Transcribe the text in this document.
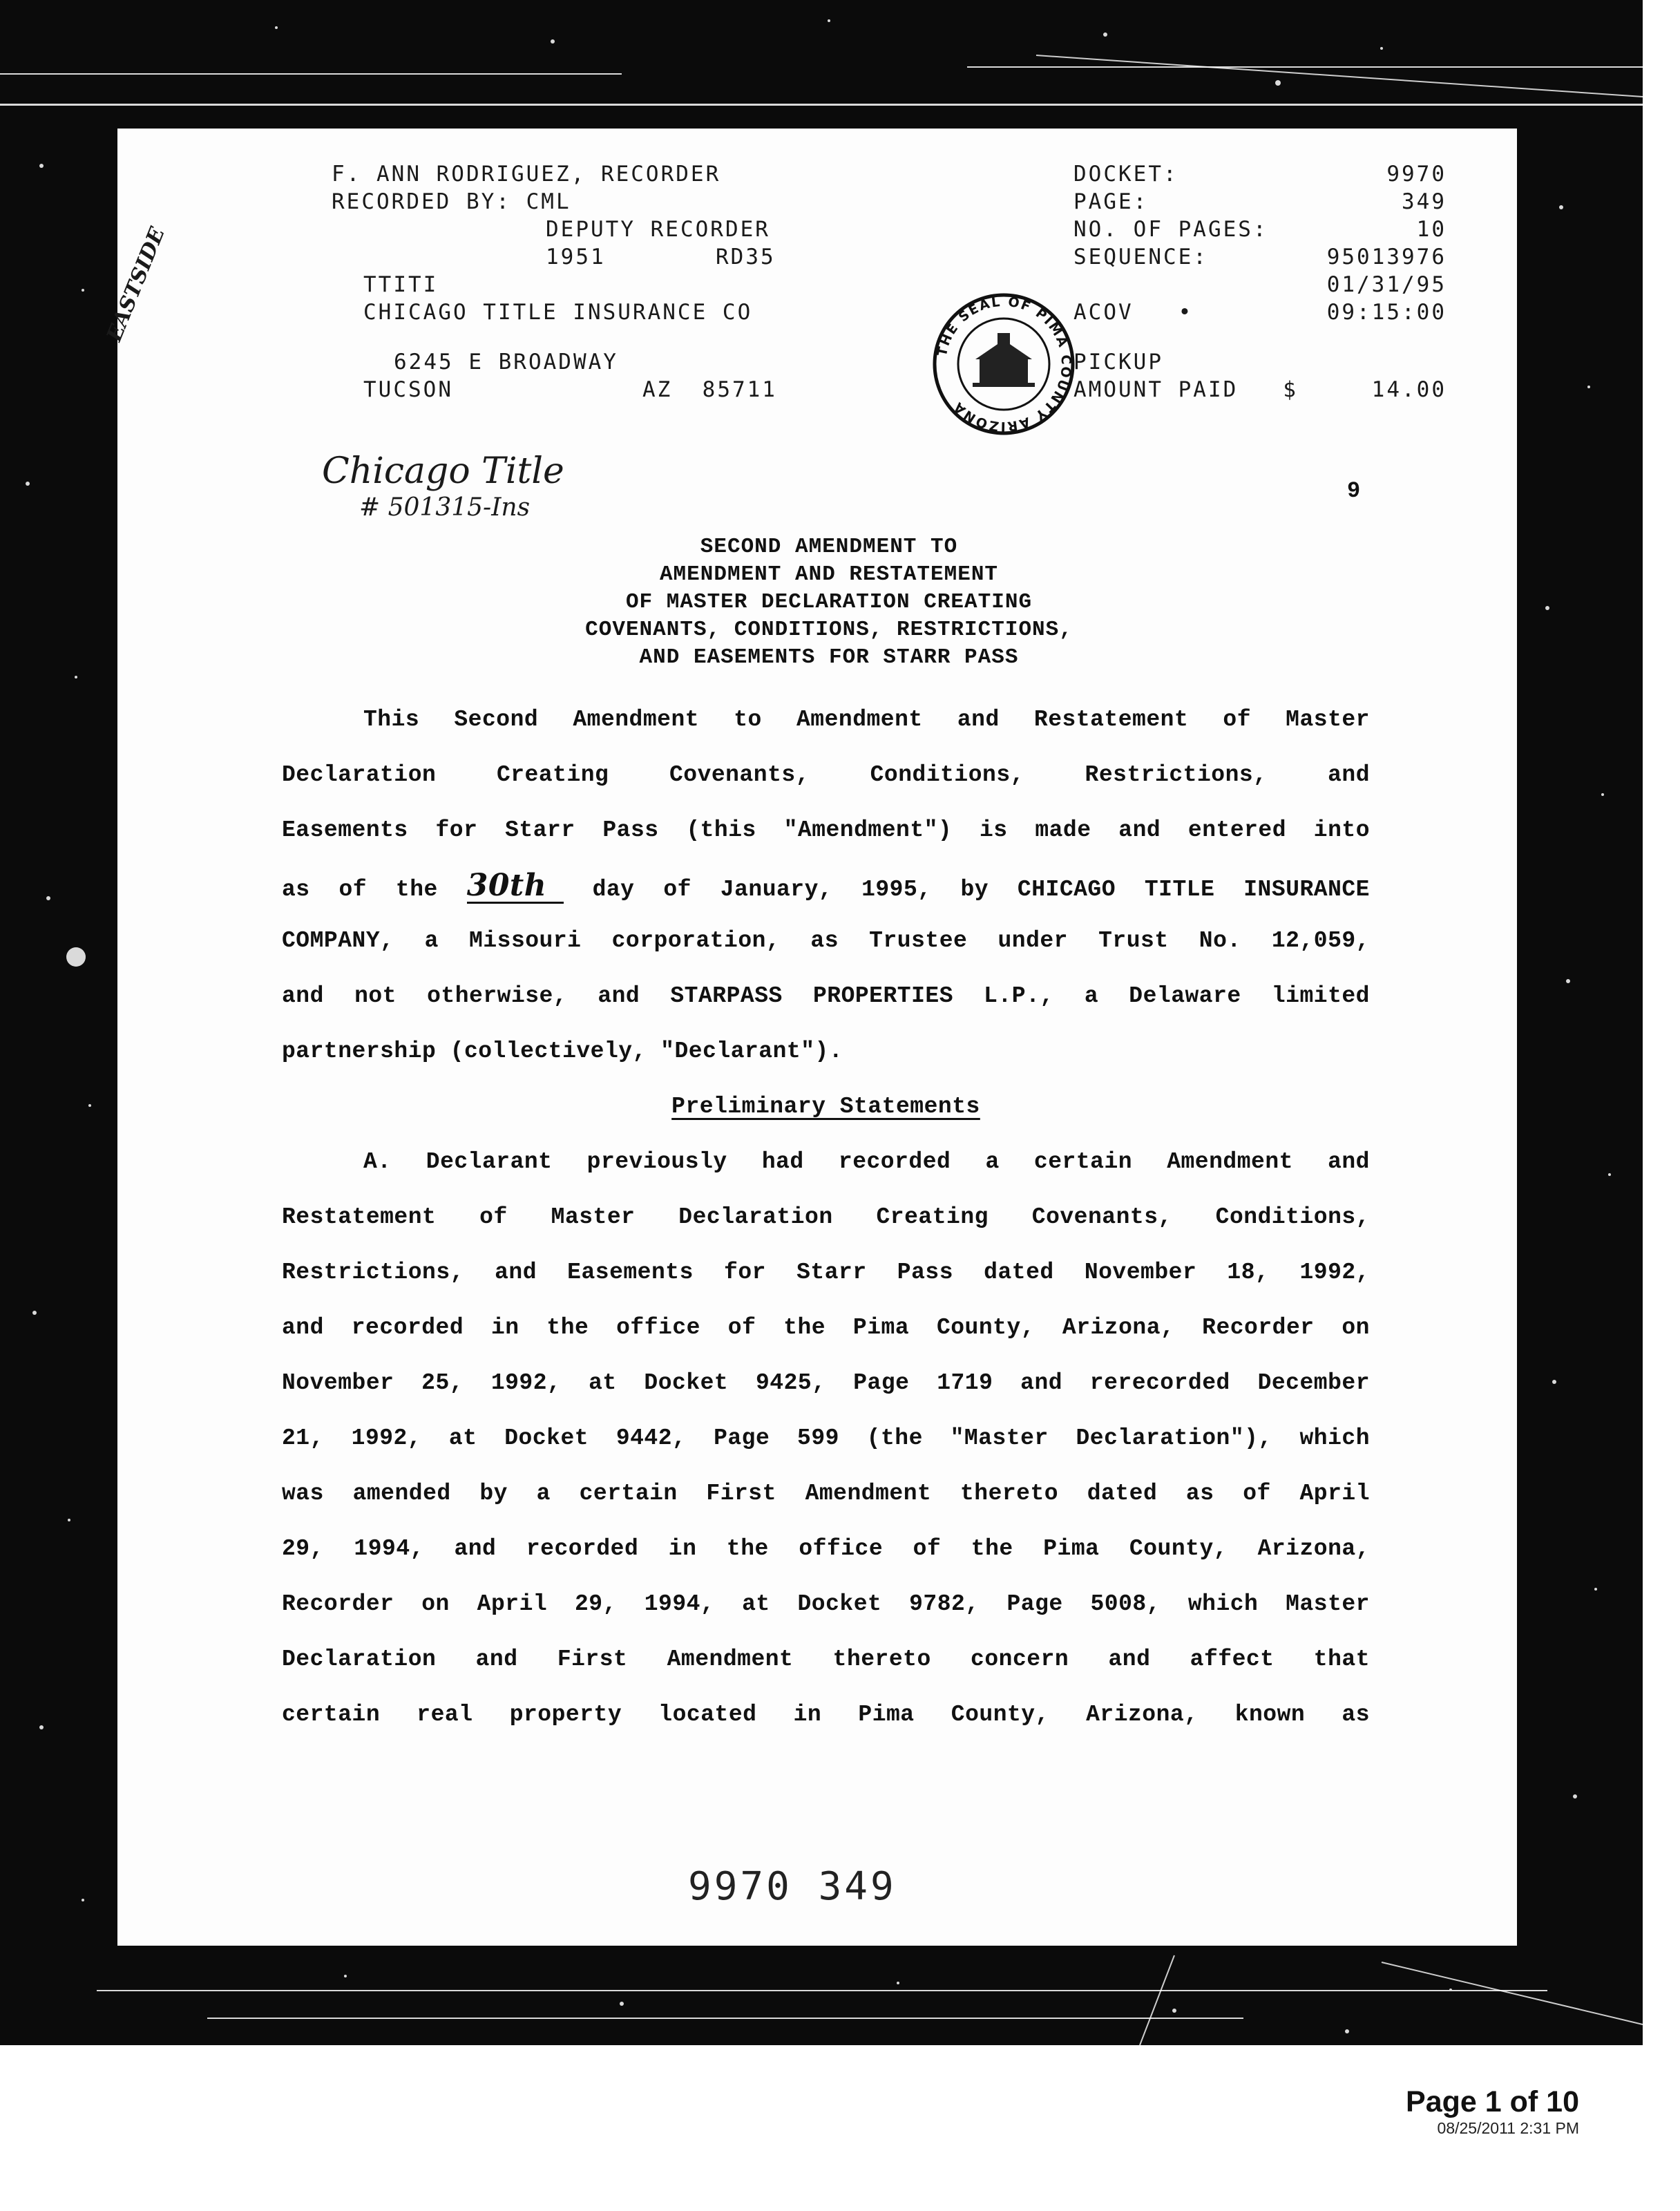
F. ANN RODRIGUEZ, RECORDER
RECORDED BY: CML
DEPUTY RECORDER
1951	RD35
TTITI
CHICAGO TITLE INSURANCE CO
6245 E BROADWAY
TUCSON	AZ  85711
EASTSIDE
THE SEAL OF PIMA COUNTY ARIZONA
DOCKET:	9970
PAGE:	349
NO. OF PAGES:	10
SEQUENCE:	95013976
01/31/95
ACOV   •	09:15:00
PICKUP
AMOUNT PAID   $	14.00
Chicago Title
# 501315-Ins
9
SECOND AMENDMENT TO
AMENDMENT AND RESTATEMENT
OF MASTER DECLARATION CREATING
COVENANTS, CONDITIONS, RESTRICTIONS,
AND EASEMENTS FOR STARR PASS
This Second Amendment to Amendment and Restatement of Master
Declaration Creating Covenants, Conditions, Restrictions, and
Easements for Starr Pass (this "Amendment") is made and entered into
as of the 30th day of January, 1995, by CHICAGO TITLE INSURANCE
COMPANY, a Missouri corporation, as Trustee under Trust No. 12,059,
and not otherwise, and STARPASS PROPERTIES L.P., a Delaware limited
partnership (collectively, "Declarant").
Preliminary Statements
A. Declarant previously had recorded a certain Amendment and
Restatement of Master Declaration Creating Covenants, Conditions,
Restrictions, and Easements for Starr Pass dated November 18, 1992,
and recorded in the office of the Pima County, Arizona, Recorder on
November 25, 1992, at Docket 9425, Page 1719 and rerecorded December
21, 1992, at Docket 9442, Page 599 (the "Master Declaration"), which
was amended by a certain First Amendment thereto dated as of April
29, 1994, and recorded in the office of the Pima County, Arizona,
Recorder on April 29, 1994, at Docket 9782, Page 5008, which Master
Declaration and First Amendment thereto concern and affect that
certain real property located in Pima County, Arizona, known as
9970 349
Page 1 of 10
08/25/2011 2:31 PM
